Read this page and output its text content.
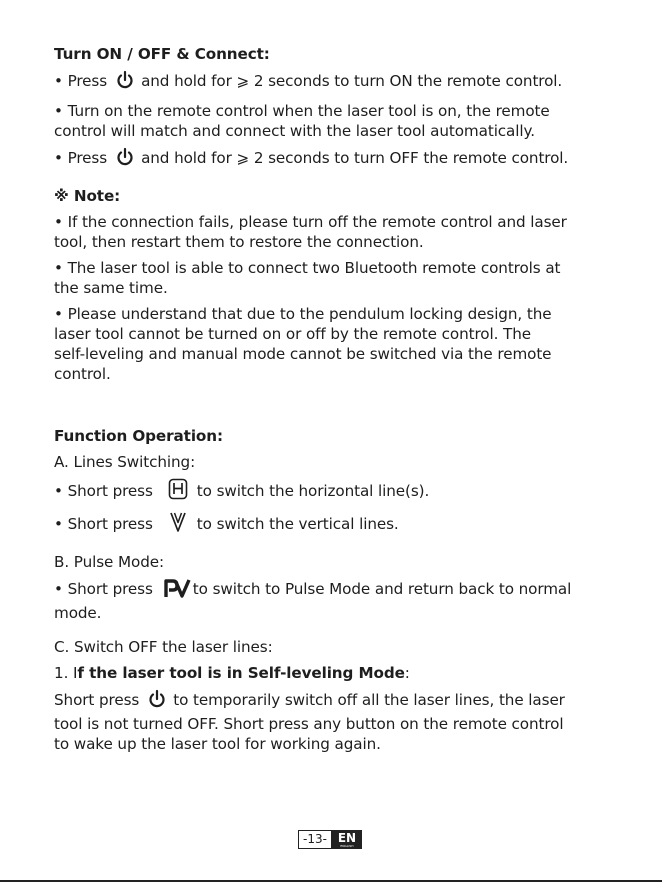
Turn ON / OFF & Connect:
• Press and hold for ⩾ 2 seconds to turn ON the remote control.
• Turn on the remote control when the laser tool is on, the remote
control will match and connect with the laser tool automatically.
• Press and hold for ⩾ 2 seconds to turn OFF the remote control.
※ Note:
• If the connection fails, please turn off the remote control and laser
tool, then restart them to restore the connection.
• The laser tool is able to connect two Bluetooth remote controls at
the same time.
• Please understand that due to the pendulum locking design, the
laser tool cannot be turned on or off by the remote control. The
self-leveling and manual mode cannot be switched via the remote
control.
Function Operation:
A. Lines Switching:
• Short press	to switch the horizontal line(s).
• Short press	to switch the vertical lines.
B. Pulse Mode:
• Short press	to switch to Pulse Mode and return back to normal
mode.
C. Switch OFF the laser lines:
1. If the laser tool is in Self-leveling Mode:
Short press to temporarily switch off all the laser lines, the laser
tool is not turned OFF. Short press any button on the remote control
to wake up the laser tool for working again.
-13- EN
ENGLISH
